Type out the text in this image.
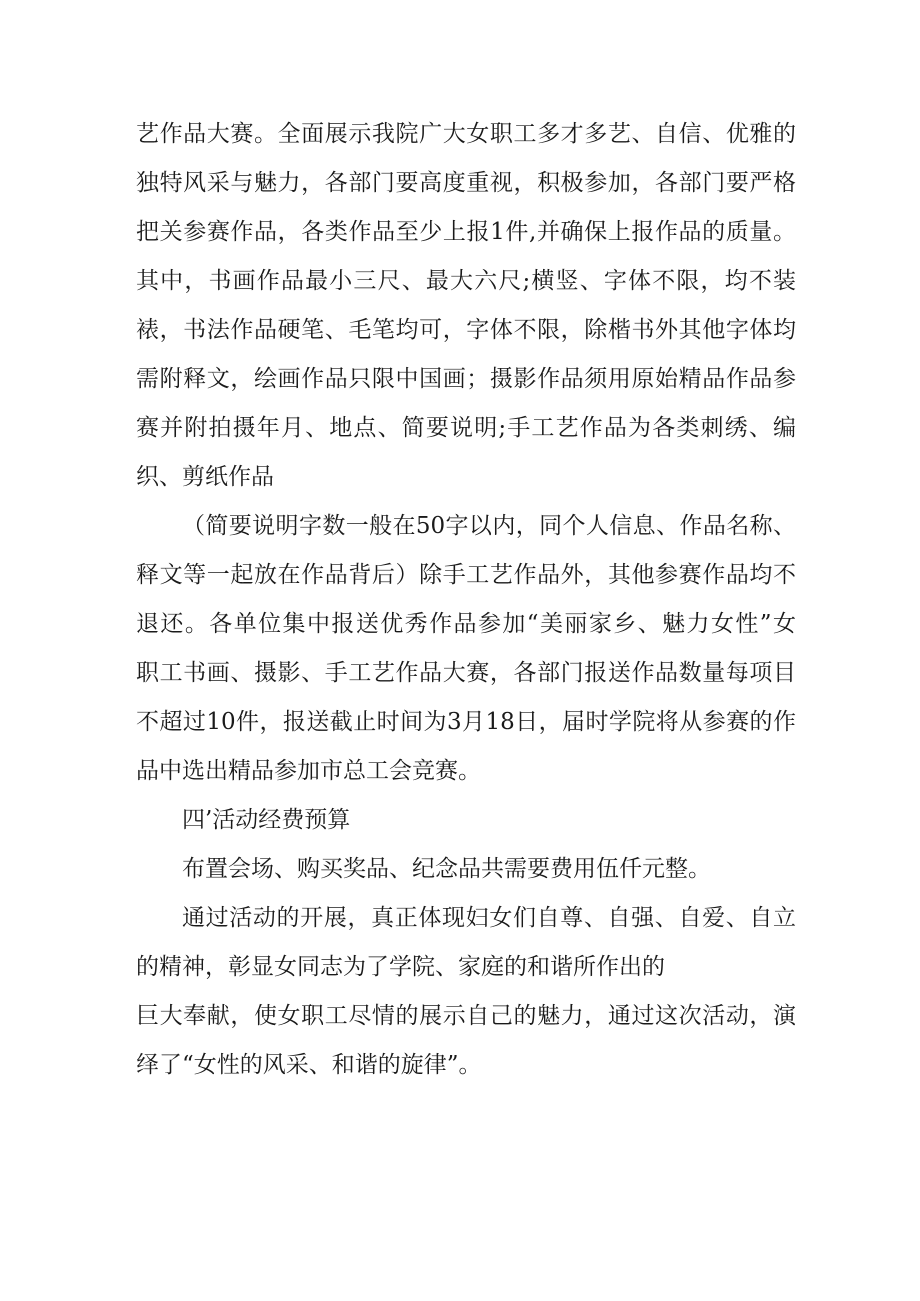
艺作品大赛。全面展示我院广大女职工多才多艺、自信、优雅的
独特风采与魅力，各部门要高度重视，积极参加，各部门要严格
把关参赛作品，各类作品至少上报1件,并确保上报作品的质量。
其中，书画作品最小三尺、最大六尺;横竖、字体不限，均不装
裱，书法作品硬笔、毛笔均可，字体不限，除楷书外其他字体均
需附释文，绘画作品只限中国画；摄影作品须用原始精品作品参
赛并附拍摄年月、地点、简要说明;手工艺作品为各类刺绣、编
织、剪纸作品
（简要说明字数一般在50字以内，同个人信息、作品名称、
释文等一起放在作品背后）除手工艺作品外，其他参赛作品均不
退还。各单位集中报送优秀作品参加“美丽家乡、魅力女性”女
职工书画、摄影、手工艺作品大赛，各部门报送作品数量每项目
不超过10件，报送截止时间为3月18日，届时学院将从参赛的作
品中选出精品参加市总工会竞赛。
四’活动经费预算
布置会场、购买奖品、纪念品共需要费用伍仟元整。
通过活动的开展，真正体现妇女们自尊、自强、自爱、自立
的精神，彰显女同志为了学院、家庭的和谐所作出的
巨大奉献，使女职工尽情的展示自己的魅力，通过这次活动，演
绎了“女性的风采、和谐的旋律”。
